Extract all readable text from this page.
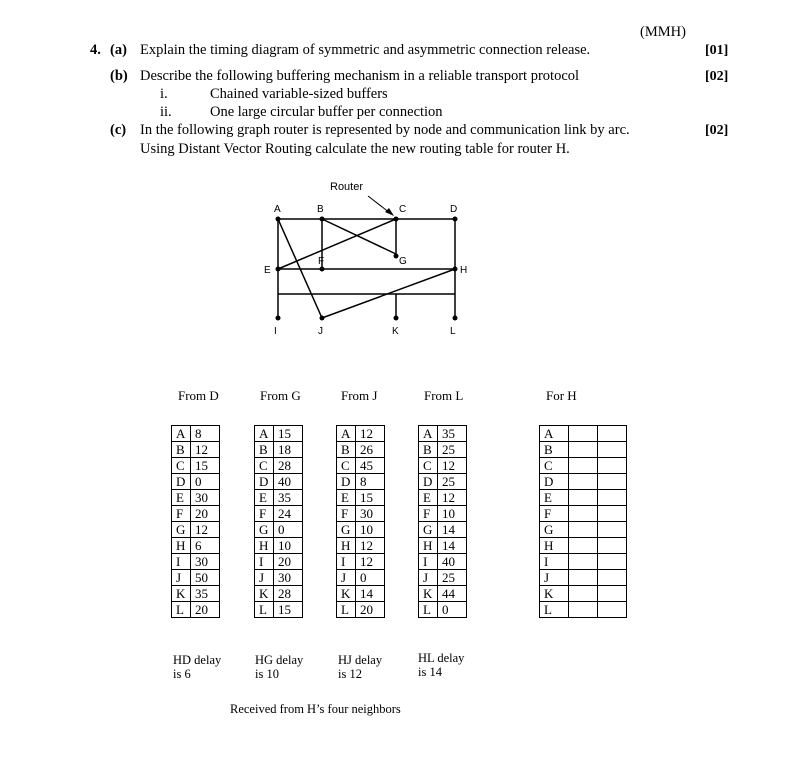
(MMH)
4. (a) Explain the timing diagram of symmetric and asymmetric connection release.	[01]
(b) Describe the following buffering mechanism in a reliable transport protocol	[02]
i.	Chained variable-sized buffers
ii.	One large circular buffer per connection
(c) In the following graph router is represented by node and communication link by arc.	[02]
Using Distant Vector Routing calculate the new routing table for router H.
Router
A	B	C	D
E
F	G
H
I	J	K	L
From D	From G	From J	From L	For H
A	8
B	12
C	15
D	0
E	30
F	20
G	12
H	6
I	30
J	50
K	35
L	20
A	15
B	18
C	28
D	40
E	35
F	24
G	0
H	10
I	20
J	30
K	28
L	15
A	12
B	26
C	45
D	8
E	15
F	30
G	10
H	12
I	12
J	0
K	14
L	20
A	35
B	25
C	12
D	25
E	12
F	10
G	14
H	14
I	40
J	25
K	44
L	0
A		
B		
C		
D		
E		
F		
G		
H		
I		
J		
K		
L		
HD delay
is 6
HG delay
is 10
HJ delay
is 12
HL delay
is 14
Received from H’s four neighbors
